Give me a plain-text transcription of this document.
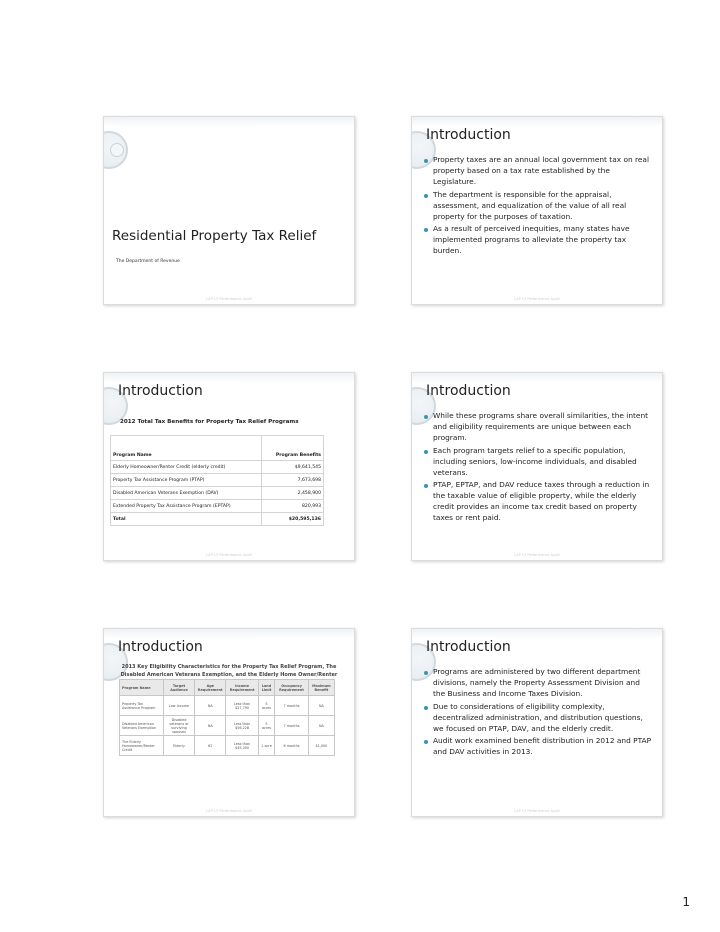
Residential Property Tax Relief
The Department of Revenue
LAP 13 Performance Audit
Introduction
Property taxes are an annual local government tax on real property based on a tax rate established by the Legislature.
The department is responsible for the appraisal, assessment, and equalization of the value of all real property for the purposes of taxation.
As a result of perceived inequities, many states have implemented programs to alleviate the property tax burden.
LAP 13 Performance Audit
Introduction
2012 Total Tax Benefits for Property Tax Relief Programs
Program Name	Program Benefits
Elderly Homeowner/Renter Credit (elderly credit)	$9,641,545
Property Tax Assistance Program (PTAP)	7,673,698
Disabled American Veterans Exemption (DAV)	2,458,900
Extended Property Tax Assistance Program (EPTAP)	820,993
Total	$20,595,136
LAP 13 Performance Audit
Introduction
While these programs share overall similarities, the intent and eligibility requirements are unique between each program.
Each program targets relief to a specific population, including seniors, low-income individuals, and disabled veterans.
PTAP, EPTAP, and DAV reduce taxes through a reduction in the taxable value of eligible property, while the elderly credit provides an income tax credit based on property taxes or rent paid.
LAP 13 Performance Audit
Introduction
2013 Key Eligibility Characteristics for the Property Tax Relief Program, The Disabled American Veterans Exemption, and the Elderly Home Owner/Renter
Program Name	Target Audience	Age Requirement	Income Requirement	Land Limit	Occupancy Requirement	Maximum Benefit
Property Tax Assistance Program	Low Income	NA	Less than $27,790	5 acres	7 months	NA
Disabled American Veterans Exemption	Disabled veterans or surviving spouses	NA	Less than $56,228	5 acres	7 months	NA
The Elderly Homeowner/Renter Credit	Elderly	62	Less than $45,000	1 acre	6 months	$1,000
LAP 13 Performance Audit
Introduction
Programs are administered by two different department divisions, namely the Property Assessment Division and the Business and Income Taxes Division.
Due to considerations of eligibility complexity, decentralized administration, and distribution questions, we focused on PTAP, DAV, and the elderly credit.
Audit work examined benefit distribution in 2012 and PTAP and DAV activities in 2013.
LAP 13 Performance Audit
1
